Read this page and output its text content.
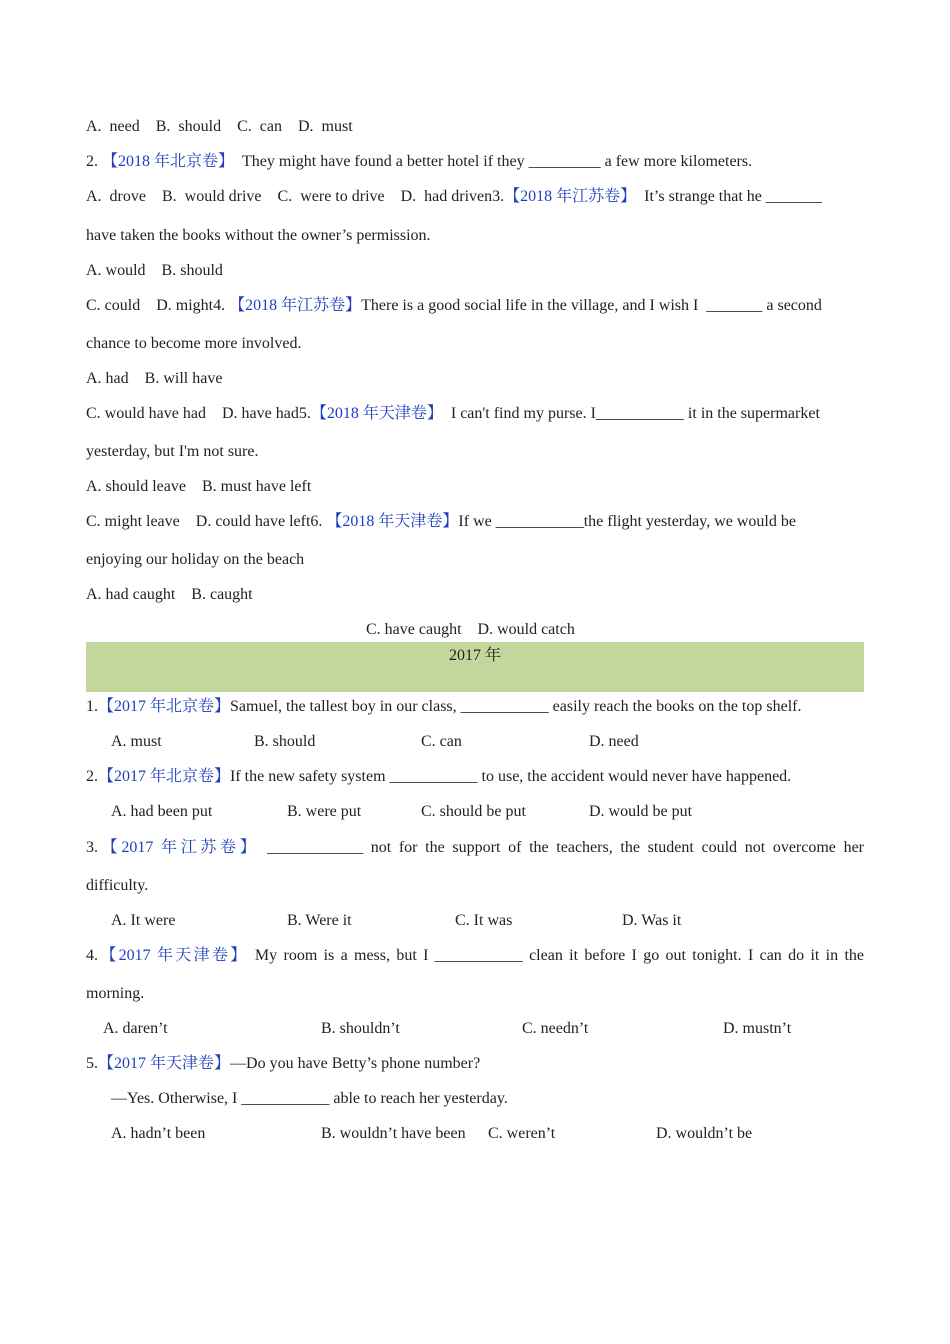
A.  need    B.  should    C.  can    D.  must
2. 【2018 年北京卷】  They might have found a better hotel if they _________ a few more kilometers.
A.  drove    B.  would drive    C.  were to drive    D.  had driven3.【2018 年江苏卷】  It’s strange that he _______
have taken the books without the owner’s permission.
A. would    B. should
C. could    D. might4. 【2018 年江苏卷】There is a good social life in the village, and I wish I  _______ a second
chance to become more involved.
A. had    B. will have
C. would have had    D. have had5.【2018 年天津卷】  I can't find my purse. I___________ it in the supermarket
yesterday, but I'm not sure.
A. should leave    B. must have left
C. might leave    D. could have left6. 【2018 年天津卷】If we ___________the flight yesterday, we would be
enjoying our holiday on the beach
A. had caught    B. caught
C. have caught    D. would catch
2017 年
1.【2017 年北京卷】Samuel, the tallest boy in our class, ___________ easily reach the books on the top shelf.
A. must	B. should	C. can	D. need
2.【2017 年北京卷】If the new safety system ___________ to use, the accident would never have happened.
A. had been put	B. were put	C. should be put	D. would be put
3.【2017 年江苏卷】 ____________ not for the support of the teachers, the student could not overcome her
difficulty.
A. It were	B. Were it	C. It was	D. Was it
4.【2017 年天津卷】 My room is a mess, but I ___________ clean it before I go out tonight. I can do it in the
morning.
A. daren’t	B. shouldn’t	C. needn’t	D. mustn’t
5.【2017 年天津卷】—Do you have Betty’s phone number?
—Yes. Otherwise, I ___________ able to reach her yesterday.
A. hadn’t been	B. wouldn’t have been C. weren’t	D. wouldn’t be
